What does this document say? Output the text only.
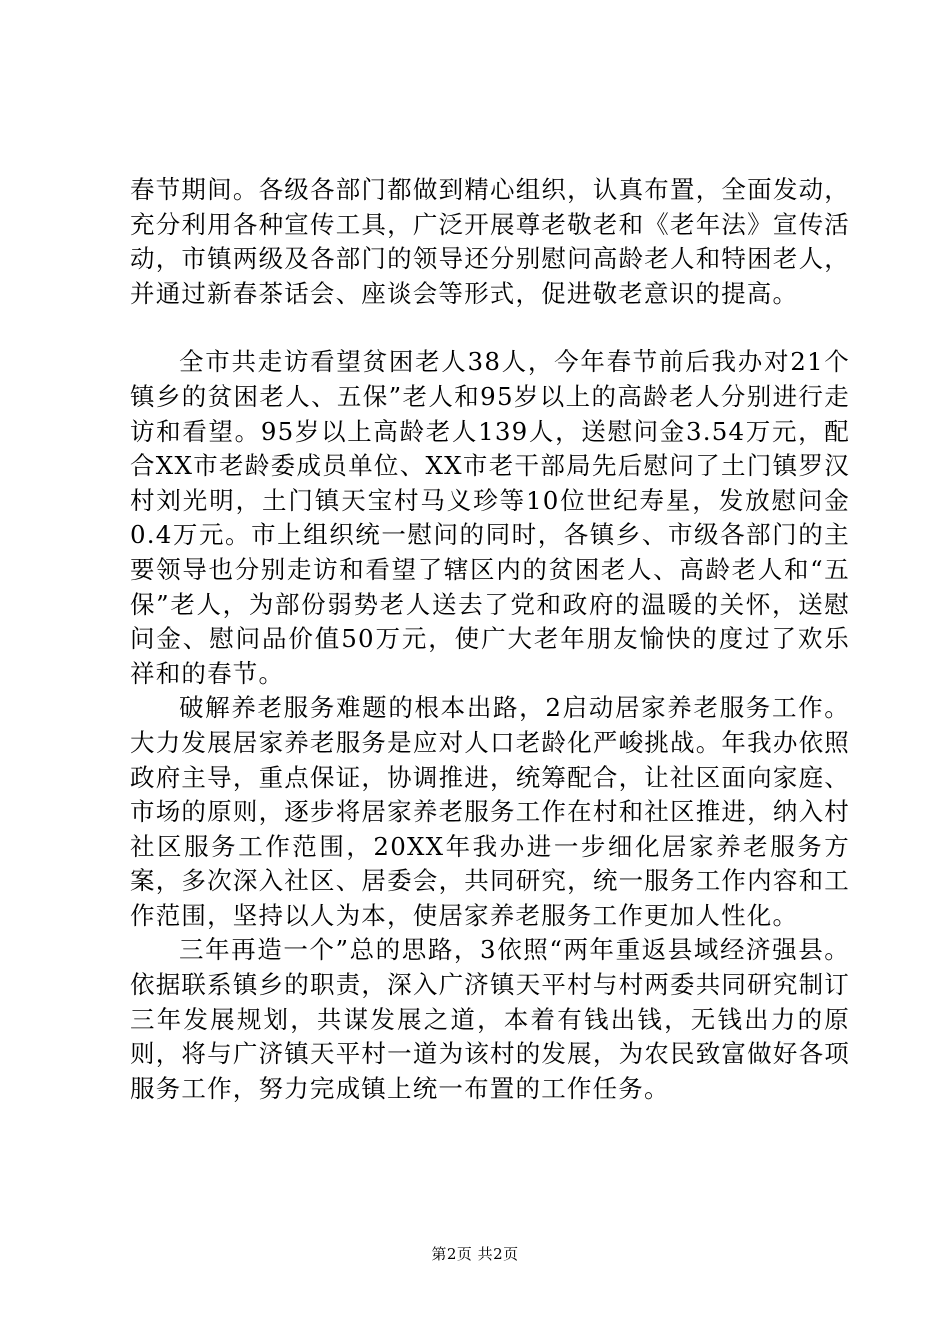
春节期间。各级各部门都做到精心组织，认真布置，全面发动，充分利用各种宣传工具，广泛开展尊老敬老和《老年法》宣传活动，市镇两级及各部门的领导还分别慰问高龄老人和特困老人，并通过新春茶话会、座谈会等形式，促进敬老意识的提高。

全市共走访看望贫困老人38人，今年春节前后我办对21个镇乡的贫困老人、五保”老人和95岁以上的高龄老人分别进行走访和看望。95岁以上高龄老人139人，送慰问金3.54万元，配合XX市老龄委成员单位、XX市老干部局先后慰问了土门镇罗汉村刘光明，土门镇天宝村马义珍等10位世纪寿星，发放慰问金0.4万元。市上组织统一慰问的同时，各镇乡、市级各部门的主要领导也分别走访和看望了辖区内的贫困老人、高龄老人和“五保”老人，为部份弱势老人送去了党和政府的温暖的关怀，送慰问金、慰问品价值50万元，使广大老年朋友愉快的度过了欢乐祥和的春节。

破解养老服务难题的根本出路，2启动居家养老服务工作。大力发展居家养老服务是应对人口老龄化严峻挑战。年我办依照政府主导，重点保证，协调推进，统筹配合，让社区面向家庭、市场的原则，逐步将居家养老服务工作在村和社区推进，纳入村社区服务工作范围，20XX年我办进一步细化居家养老服务方案，多次深入社区、居委会，共同研究，统一服务工作内容和工作范围，坚持以人为本，使居家养老服务工作更加人性化。

三年再造一个”总的思路，3依照“两年重返县域经济强县。依据联系镇乡的职责，深入广济镇天平村与村两委共同研究制订三年发展规划，共谋发展之道，本着有钱出钱，无钱出力的原则，将与广济镇天平村一道为该村的发展，为农民致富做好各项服务工作，努力完成镇上统一布置的工作任务。

第2页 共2页
